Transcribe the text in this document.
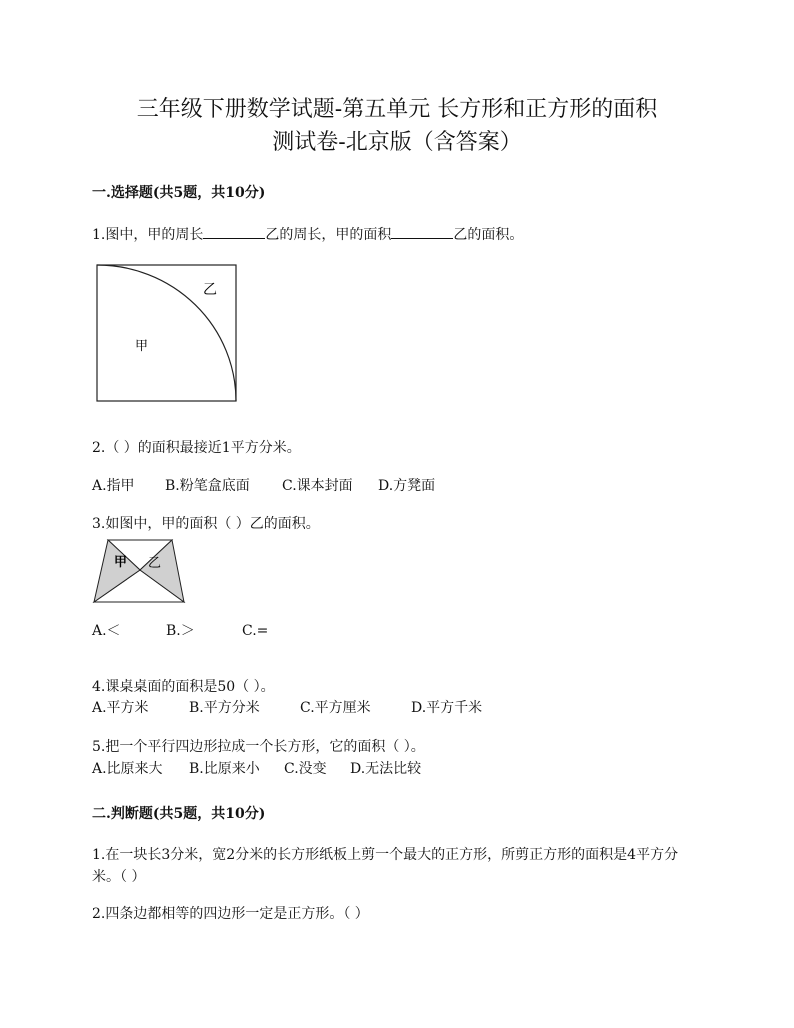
三年级下册数学试题-第五单元 长方形和正方形的面积
测试卷-北京版（含答案）
一.选择题(共5题，共10分)
1.图中，甲的周长	乙的周长，甲的面积	乙的面积。
乙
甲
2.（ ）的面积最接近1平方分米。
A.指甲 B.粉笔盒底面 C.课本封面 D.方凳面
3.如图中，甲的面积（ ）乙的面积。
甲 乙
A.＜	B.＞	C.=
4.课桌桌面的面积是50（ ）。
A.平方米	B.平方分米	C.平方厘米	D.平方千米
5.把一个平行四边形拉成一个长方形，它的面积（ ）。
A.比原来大 B.比原来小 C.没变 D.无法比较
二.判断题(共5题，共10分)
1.在一块长3分米，宽2分米的长方形纸板上剪一个最大的正方形，所剪正方形的面积是4平方分米。（ ）
2.四条边都相等的四边形一定是正方形。（ ）
